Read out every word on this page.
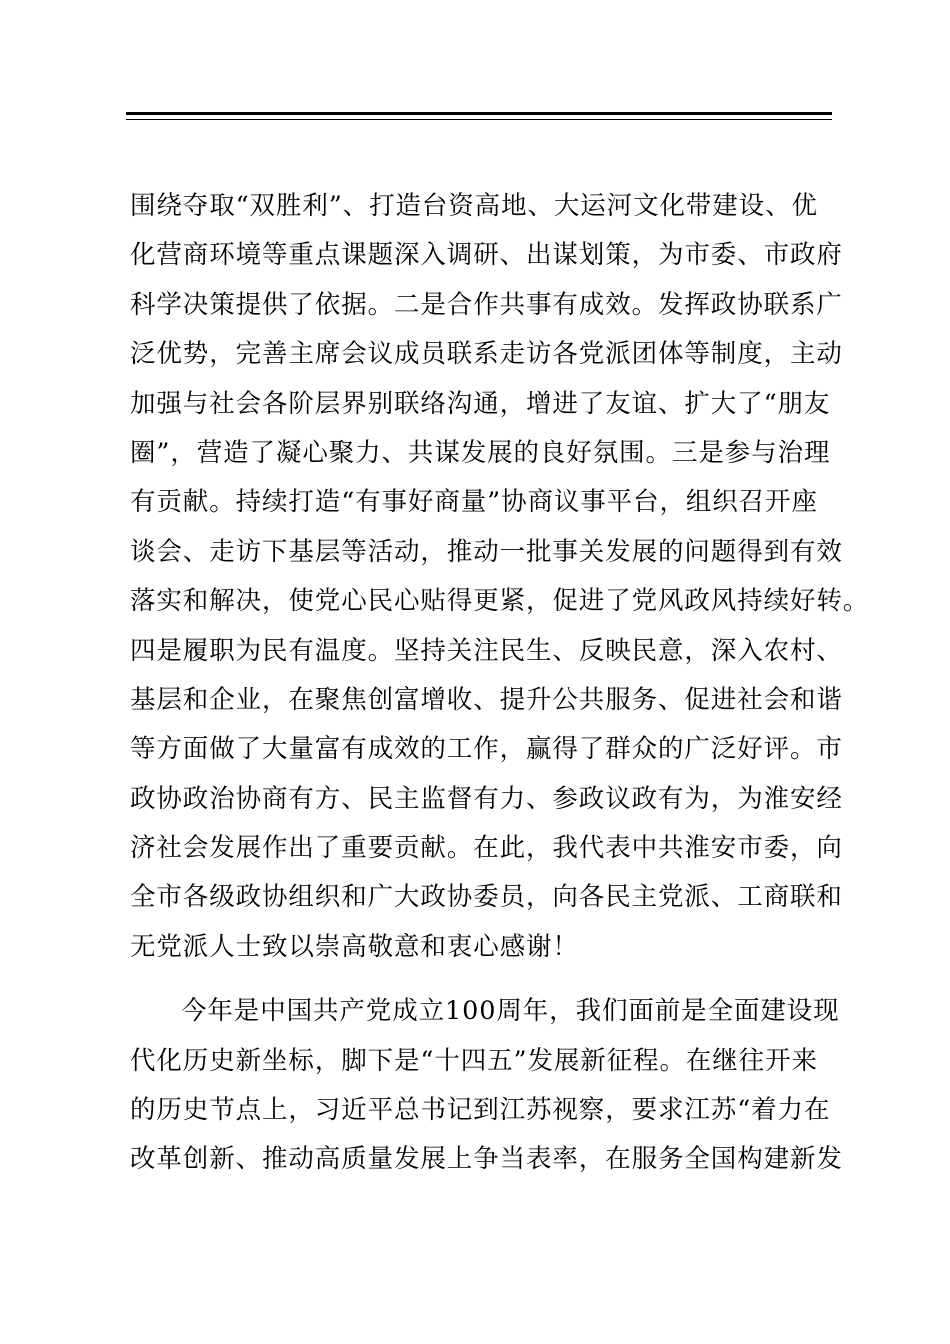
围绕夺取“双胜利”、打造台资高地、大运河文化带建设、优
化营商环境等重点课题深入调研、出谋划策，为市委、市政府
科学决策提供了依据。二是合作共事有成效。发挥政协联系广
泛优势，完善主席会议成员联系走访各党派团体等制度，主动
加强与社会各阶层界别联络沟通，增进了友谊、扩大了“朋友
圈”，营造了凝心聚力、共谋发展的良好氛围。三是参与治理
有贡献。持续打造“有事好商量”协商议事平台，组织召开座
谈会、走访下基层等活动，推动一批事关发展的问题得到有效
落实和解决，使党心民心贴得更紧，促进了党风政风持续好转。
四是履职为民有温度。坚持关注民生、反映民意，深入农村、
基层和企业，在聚焦创富增收、提升公共服务、促进社会和谐
等方面做了大量富有成效的工作，赢得了群众的广泛好评。市
政协政治协商有方、民主监督有力、参政议政有为，为淮安经
济社会发展作出了重要贡献。在此，我代表中共淮安市委，向
全市各级政协组织和广大政协委员，向各民主党派、工商联和
无党派人士致以崇高敬意和衷心感谢！
今年是中国共产党成立100周年，我们面前是全面建设现
代化历史新坐标，脚下是“十四五”发展新征程。在继往开来
的历史节点上，习近平总书记到江苏视察，要求江苏“着力在
改革创新、推动高质量发展上争当表率，在服务全国构建新发
